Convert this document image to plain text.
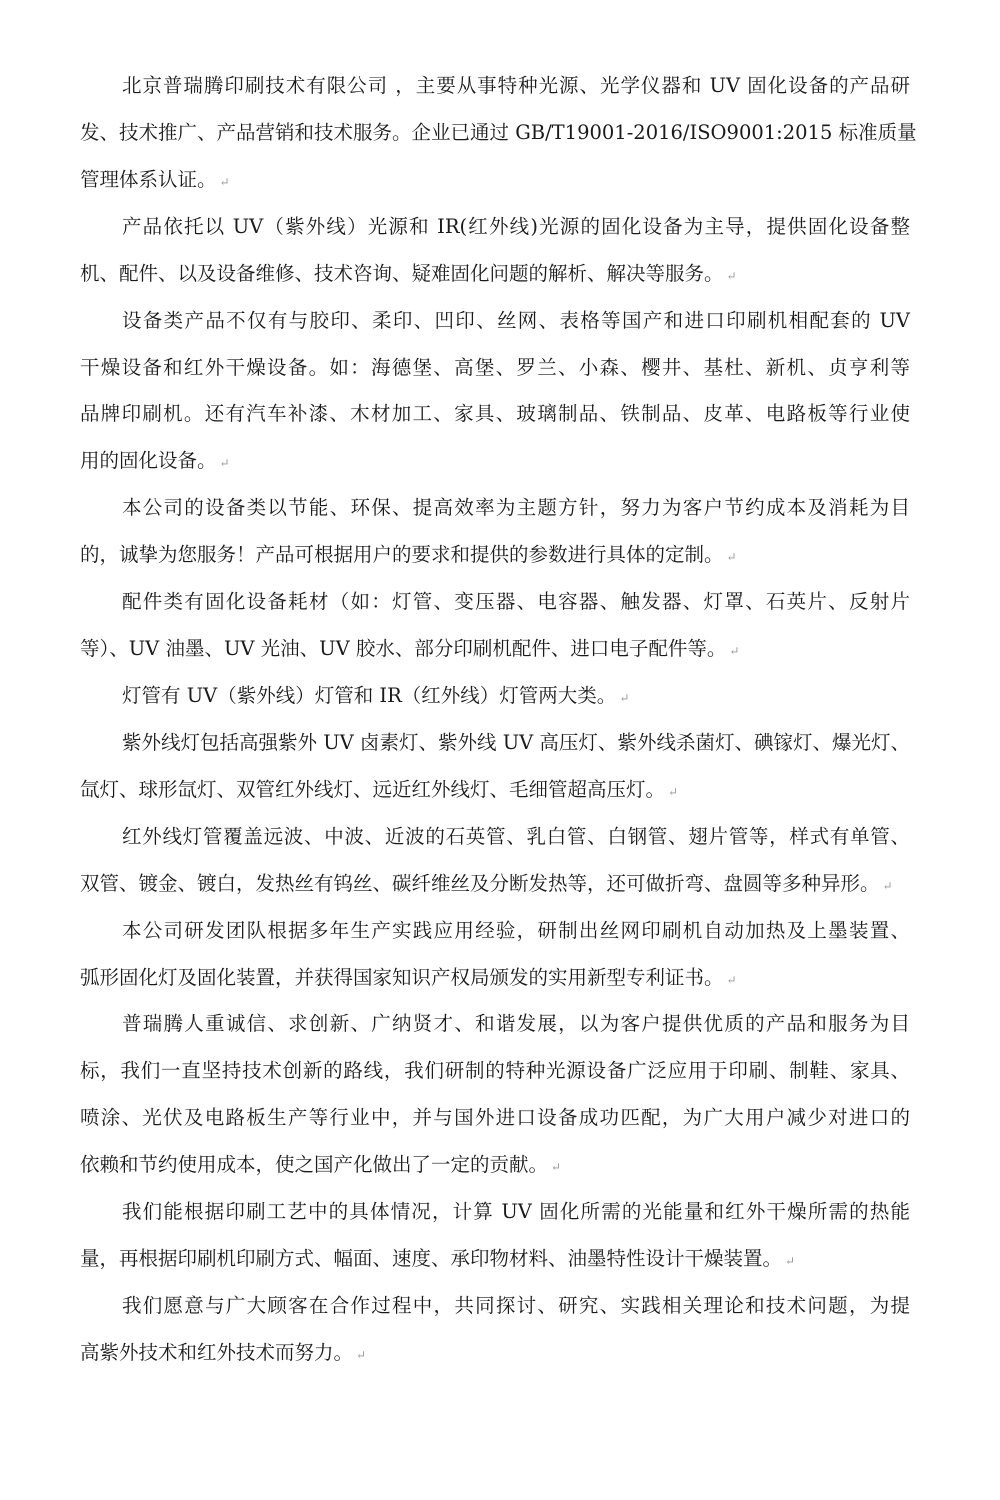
北京普瑞腾印刷技术有限公司 ，主要从事特种光源、光学仪器和 UV 固化设备的产品研
发、技术推广、产品营销和技术服务。企业已通过 GB/T19001-2016/ISO9001:2015 标准质量
管理体系认证。 ↵
产品依托以 UV（紫外线）光源和 IR(红外线)光源的固化设备为主导，提供固化设备整
机、配件、以及设备维修、技术咨询、疑难固化问题的解析、解决等服务。 ↵
设备类产品不仅有与胶印、柔印、凹印、丝网、表格等国产和进口印刷机相配套的 UV
干燥设备和红外干燥设备。如：海德堡、高堡、罗兰、小森、樱井、基杜、新机、贞亨利等
品牌印刷机。还有汽车补漆、木材加工、家具、玻璃制品、铁制品、皮革、电路板等行业使
用的固化设备。 ↵
本公司的设备类以节能、环保、提高效率为主题方针，努力为客户节约成本及消耗为目
的，诚挚为您服务！产品可根据用户的要求和提供的参数进行具体的定制。 ↵
配件类有固化设备耗材（如：灯管、变压器、电容器、触发器、灯罩、石英片、反射片
等）、UV 油墨、UV 光油、UV 胶水、部分印刷机配件、进口电子配件等。 ↵
灯管有 UV（紫外线）灯管和 IR（红外线）灯管两大类。 ↵
紫外线灯包括高强紫外 UV 卤素灯、紫外线 UV 高压灯、紫外线杀菌灯、碘镓灯、爆光灯、
氙灯、球形氙灯、双管红外线灯、远近红外线灯、毛细管超高压灯。 ↵
红外线灯管覆盖远波、中波、近波的石英管、乳白管、白钢管、翅片管等，样式有单管、
双管、镀金、镀白，发热丝有钨丝、碳纤维丝及分断发热等，还可做折弯、盘圆等多种异形。 ↵
本公司研发团队根据多年生产实践应用经验，研制出丝网印刷机自动加热及上墨装置、
弧形固化灯及固化装置，并获得国家知识产权局颁发的实用新型专利证书。 ↵
普瑞腾人重诚信、求创新、广纳贤才、和谐发展，以为客户提供优质的产品和服务为目
标，我们一直坚持技术创新的路线，我们研制的特种光源设备广泛应用于印刷、制鞋、家具、
喷涂、光伏及电路板生产等行业中，并与国外进口设备成功匹配，为广大用户减少对进口的
依赖和节约使用成本，使之国产化做出了一定的贡献。 ↵
我们能根据印刷工艺中的具体情况，计算 UV 固化所需的光能量和红外干燥所需的热能
量，再根据印刷机印刷方式、幅面、速度、承印物材料、油墨特性设计干燥装置。 ↵
我们愿意与广大顾客在合作过程中，共同探讨、研究、实践相关理论和技术问题，为提
高紫外技术和红外技术而努力。 ↵
